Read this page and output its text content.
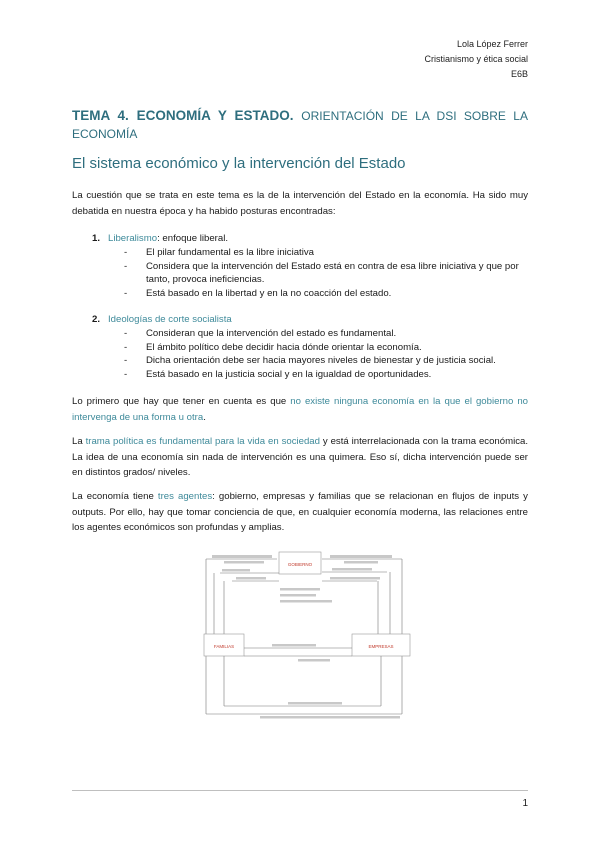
Lola López Ferrer
Cristianismo y ética social
E6B
TEMA 4. ECONOMÍA Y ESTADO. ORIENTACIÓN DE LA DSI SOBRE LA ECONOMÍA
El sistema económico y la intervención del Estado
La cuestión que se trata en este tema es la de la intervención del Estado en la economía. Ha sido muy debatida en nuestra época y ha habido posturas encontradas:
1. Liberalismo: enfoque liberal.
- El pilar fundamental es la libre iniciativa
- Considera que la intervención del Estado está en contra de esa libre iniciativa y que por tanto, provoca ineficiencias.
- Está basado en la libertad y en la no coacción del estado.
2. Ideologías de corte socialista
- Consideran que la intervención del estado es fundamental.
- El ámbito político debe decidir hacia dónde orientar la economía.
- Dicha orientación debe ser hacia mayores niveles de bienestar y de justicia social.
- Está basado en la justicia social y en la igualdad de oportunidades.
Lo primero que hay que tener en cuenta es que no existe ninguna economía en la que el gobierno no intervenga de una forma u otra.
La trama política es fundamental para la vida en sociedad y está interrelacionada con la trama económica. La idea de una economía sin nada de intervención es una quimera. Eso sí, dicha intervención puede ser en distintos grados/ niveles.
La economía tiene tres agentes: gobierno, empresas y familias que se relacionan en flujos de inputs y outputs. Por ello, hay que tomar conciencia de que, en cualquier economía moderna, las relaciones entre los agentes económicos son profundas y amplias.
GOBIERNO
FAMILIAS	EMPRESAS
1
